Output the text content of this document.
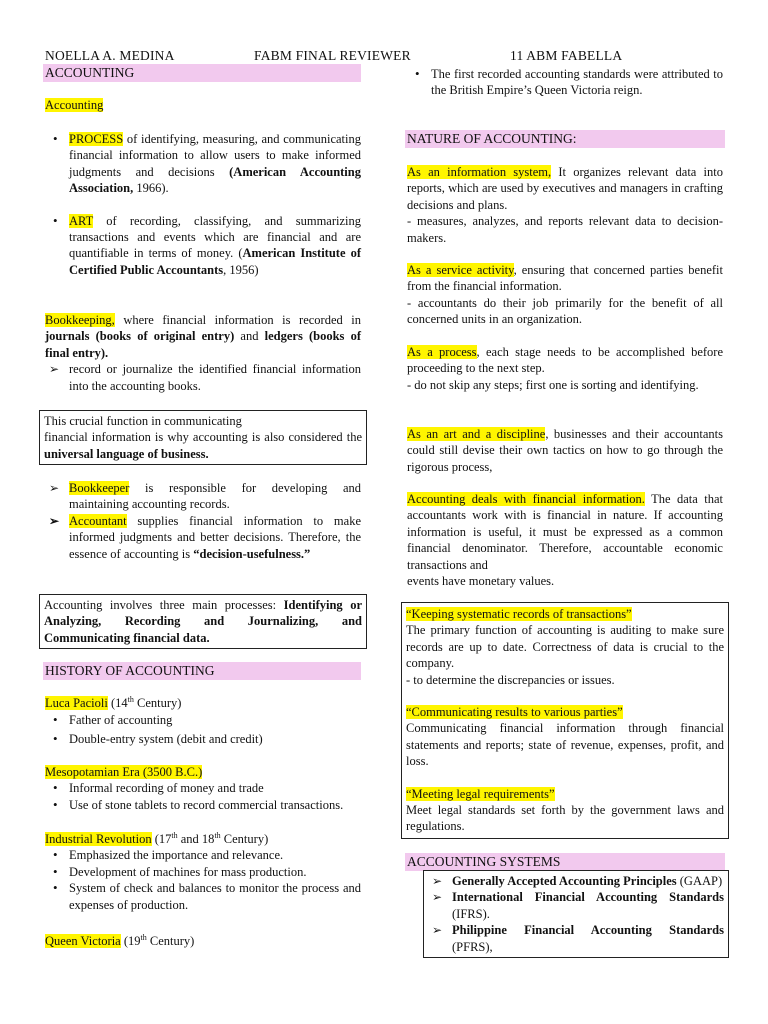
NOELLA A. MEDINA	FABM FINAL REVIEWER	11 ABM FABELLA
ACCOUNTING
Accounting
• PROCESS of identifying, measuring, and communicating financial information to allow users to make informed judgments and decisions (American Accounting Association, 1966).
• ART of recording, classifying, and summarizing transactions and events which are financial and are quantifiable in terms of money. (American Institute of Certified Public Accountants, 1956)

Bookkeeping, where financial information is recorded in journals (books of original entry) and ledgers (books of final entry).

➢ record or journalize the identified financial information into the accounting books.

This crucial function in communicating

financial information is why accounting is also considered the universal language of business.

➢ Bookkeeper is responsible for developing and maintaining accounting records.
➢ Accountant supplies financial information to make informed judgments and better decisions. Therefore, the essence of accounting is “decision-usefulness.”

Accounting involves three main processes: Identifying or Analyzing, Recording and Journalizing, and Communicating financial data.

HISTORY OF ACCOUNTING

Luca Pacioli (14th Century)

• Father of accounting
• Double-entry system (debit and credit)

Mesopotamian Era (3500 B.C.)

• Informal recording of money and trade
• Use of stone tablets to record commercial transactions.

Industrial Revolution (17th and 18th Century)

• Emphasized the importance and relevance.
• Development of machines for mass production.
• System of check and balances to monitor the process and expenses of production.
Queen Victoria (19th Century)
• The first recorded accounting standards were attributed to the British Empire’s Queen Victoria reign.
NATURE OF ACCOUNTING:

As an information system, It organizes relevant data into reports, which are used by executives and managers in crafting decisions and plans.

- measures, analyzes, and reports relevant data to decision-makers.

As a service activity, ensuring that concerned parties benefit from the financial information.

- accountants do their job primarily for the benefit of all concerned units in an organization.

As a process, each stage needs to be accomplished before proceeding to the next step.

- do not skip any steps; first one is sorting and identifying.

As an art and a discipline, businesses and their accountants could still devise their own tactics on how to go through the rigorous process,

Accounting deals with financial information. The data that accountants work with is financial in nature. If accounting information is useful, it must be expressed as a common financial denominator. Therefore, accountable economic transactions and

events have monetary values.

“Keeping systematic records of transactions”

The primary function of accounting is auditing to make sure records are up to date. Correctness of data is crucial to the company.

- to determine the discrepancies or issues.

“Communicating results to various parties”

Communicating financial information through financial statements and reports; state of revenue, expenses, profit, and loss.

“Meeting legal requirements”

Meet legal standards set forth by the government laws and regulations.

ACCOUNTING SYSTEMS
➢ Generally Accepted Accounting Principles (GAAP)
➢ International Financial Accounting Standards (IFRS).
➢ Philippine Financial Accounting Standards (PFRS),
